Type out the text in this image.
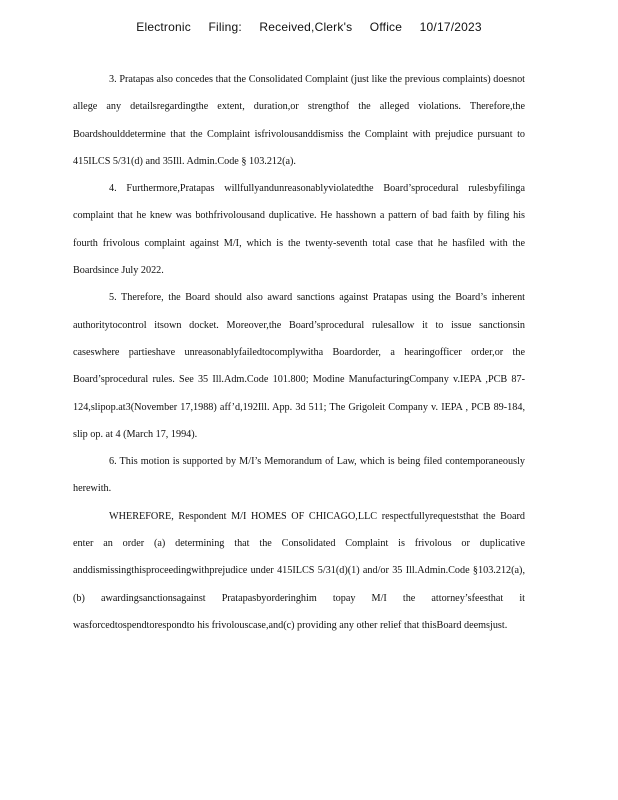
Electronic Filing: Received,Clerk's Office 10/17/2023

3. Pratapas also concedes that the Consolidated Complaint (just like the previous complaints) doesnot allege any detailsregardingthe extent, duration,or strengthof the alleged violations. Therefore,the Boardshoulddetermine that the Complaint isfrivolousanddismiss the Complaint with prejudice pursuant to 415ILCS 5/31(d) and 35Ill. Admin.Code § 103.212(a).

4. Furthermore,Pratapas willfullyandunreasonablyviolatedthe Board’sprocedural rulesbyfilinga complaint that he knew was bothfrivolousand duplicative. He hasshown a pattern of bad faith by filing his fourth frivolous complaint against M/I, which is the twenty-seventh total case that he hasfiled with the Boardsince July 2022.

5. Therefore, the Board should also award sanctions against Pratapas using the Board’s inherent authoritytocontrol itsown docket. Moreover,the Board’sprocedural rulesallow it to issue sanctionsin caseswhere partieshave unreasonablyfailedtocomplywitha Boardorder, a hearingofficer order,or the Board’sprocedural rules. See 35 Ill.Adm.Code 101.800; Modine ManufacturingCompany v.IEPA ,PCB 87-124,slipop.at3(November 17,1988) aff’d,192Ill. App. 3d 511; The Grigoleit Company v. IEPA , PCB 89-184, slip op. at 4 (March 17, 1994).

6. This motion is supported by M/I’s Memorandum of Law, which is being filed contemporaneously herewith.

WHEREFORE, Respondent M/I HOMES OF CHICAGO,LLC respectfullyrequeststhat the Board enter an order (a) determining that the Consolidated Complaint is frivolous or duplicative anddismissingthisproceedingwithprejudice under 415ILCS 5/31(d)(1) and/or 35 Ill.Admin.Code §103.212(a),(b) awardingsanctionsagainst Pratapasbyorderinghim topay M/I the attorney’sfeesthat it wasforcedtospendtorespondto his frivolouscase,and(c) providing any other relief that thisBoard deemsjust.
